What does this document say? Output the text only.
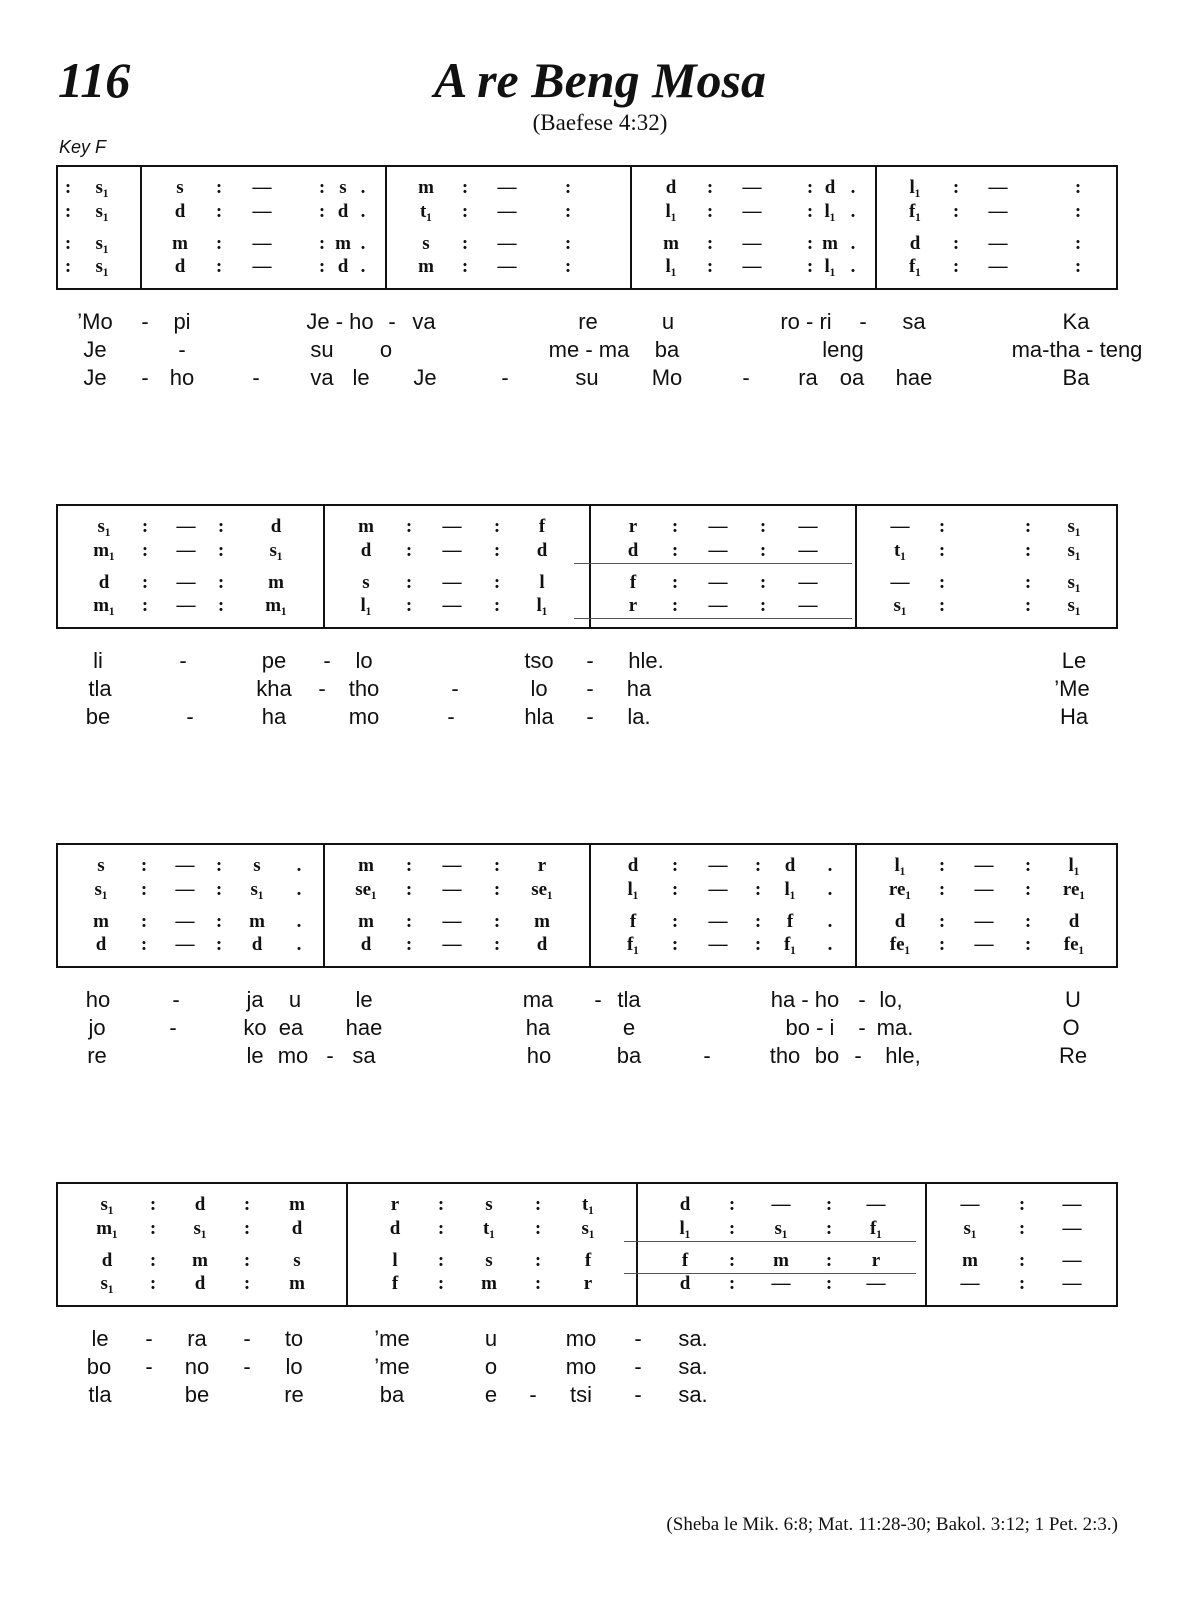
116	A re Beng Mosa
(Baefese 4:32)
Key F
(Sheba le Mik. 6:8; Mat. 11:28-30; Bakol. 3:12; 1 Pet. 2:3.)
: s₁	s : — : s .	m : —	:	d : — : d .	l₁ : —	:
: s₁	d : — : d .	t₁ : —	:	l₁ : — : l₁ .	f₁ : —	:
: s₁	m : — : m .	s : —	:	m : — : m .	d : —	:
: s₁	d : — : d .	m : —	:	l₁ : — : l₁ .	f₁ : —	:
’Mo - pi	Je - ho - va	re	u	ro - ri - sa	Ka
Je	-	su o	me - ma ba	leng	ma-tha - teng
Je - ho	- va le Je	-	su Mo	- ra oa hae	Ba
s₁ : — : d	m : — : f	r : — : —	— :	: s₁
m₁ : — : s₁	d : — : d	d : — : —	t₁ :	: s₁
d : — : m	s : — : l	f : — : —	— :	: s₁
m₁ : — : m₁	l₁ : — : l₁	r : — : —	s₁ :	: s₁
li	-	pe - lo	tso - hle.	Le
tla	kha - tho	-	lo - ha	’Me
be	-	ha	mo	-	hla - la.	Ha
s : — : s .	m : — : r	d : — : d .	l₁ : — : l₁
s₁ : — : s₁ .	se₁ : — : se₁	l₁ : — : l₁ .	re₁ : — : re₁
m : — : m .	m : — : m	f : — : f .	d : — : d
d : — : d .	d : — : d	f₁ : — : f₁ .	fe₁ : — : fe₁
ho	-	ja u le	ma - tla	ha - ho - lo,	U
jo	-	ko ea hae	ha	e	bo - i - ma.	O
re	le mo - sa	ho	ba	-	tho bo - hle,	Re
s₁ : d : m	r : s : t₁	d : — : —	— : —
m₁ : s₁ : d	d : t₁ : s₁	l₁ : s₁ : f₁	s₁ : —
d : m : s	l : s : f	f : m : r	m : —
s₁ : d : m	f : m : r	d : — : —	— : —
le - ra - to	’me	u	mo - sa.
bo - no - lo	’me	o	mo - sa.
tla	be	re	ba	e - tsi - sa.
